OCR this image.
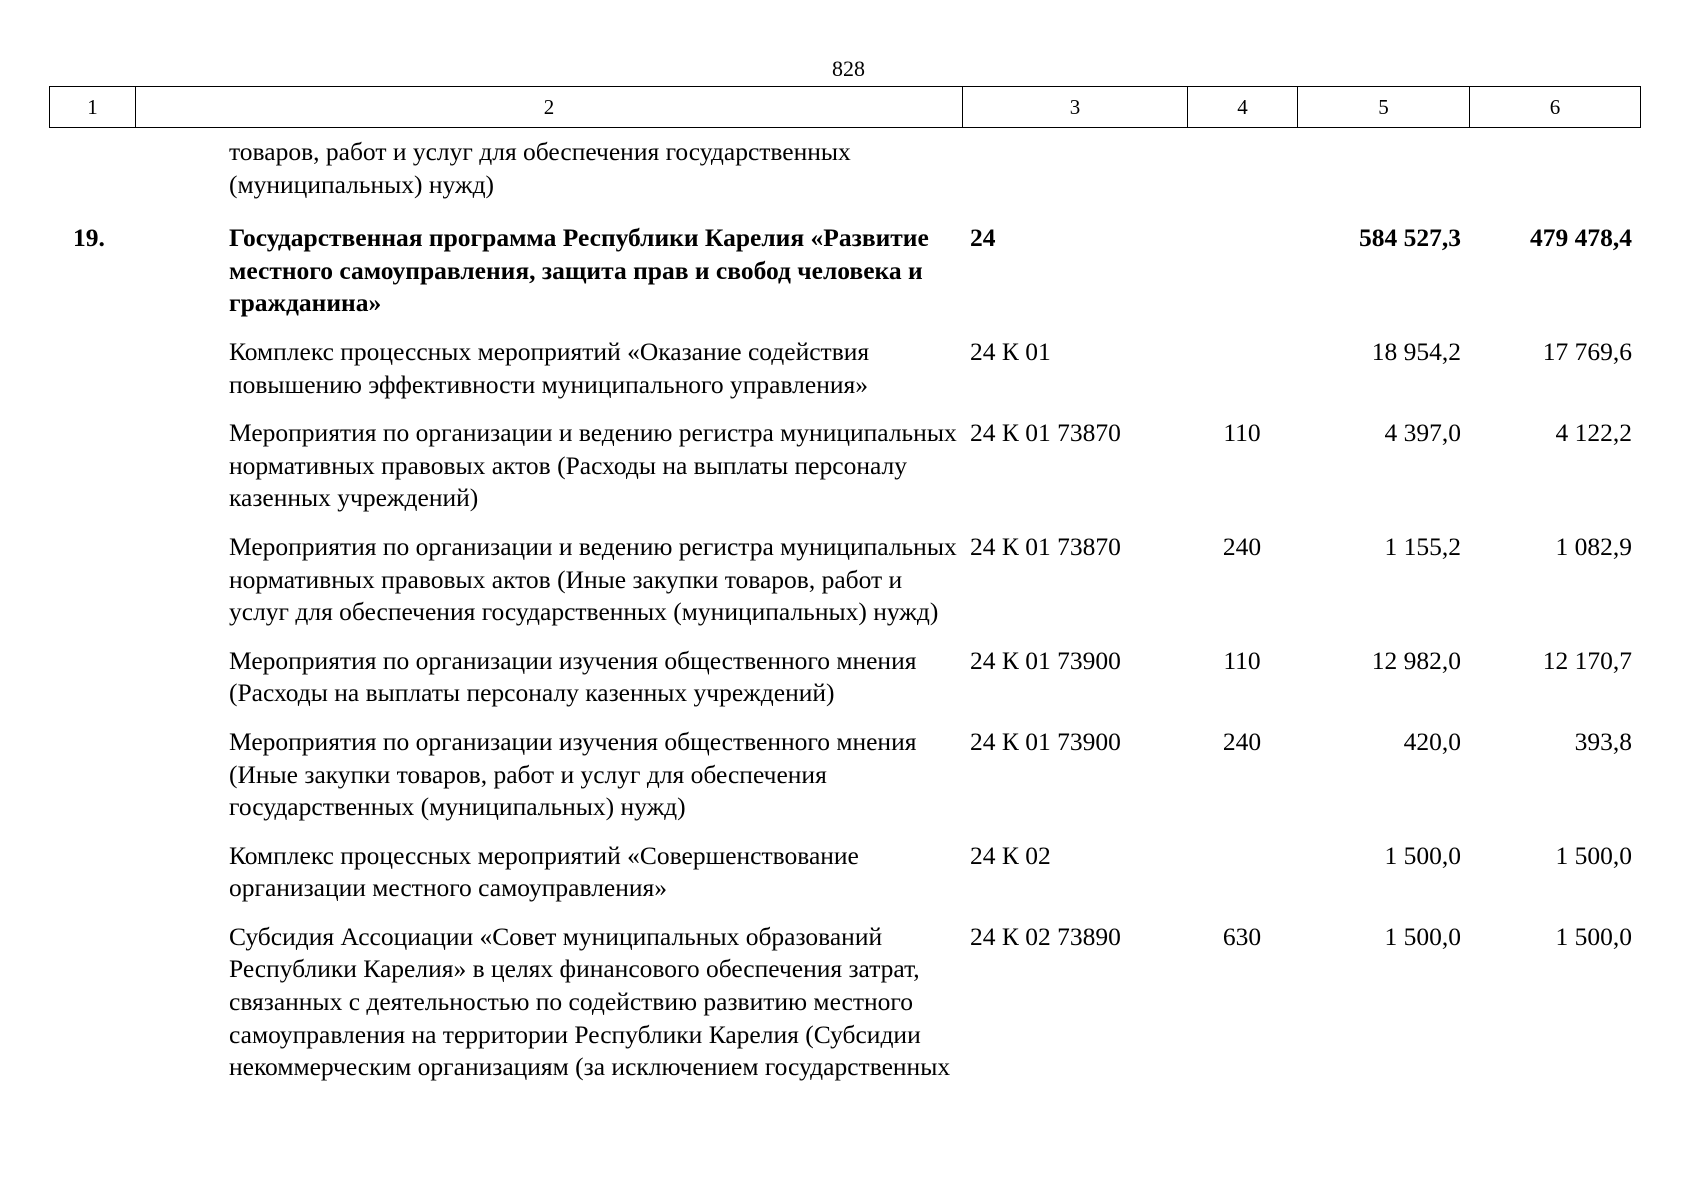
828
1	2	3	4	5	6
	товаров, работ и услуг для обеспечения государственных (муниципальных) нужд)				
19.	Государственная программа Республики Карелия «Развитие местного самоуправления, защита прав и свобод человека и гражданина»	24		584 527,3	479 478,4
	Комплекс процессных мероприятий «Оказание содействия повышению эффективности муниципального управления»	24 К 01		18 954,2	17 769,6
	Мероприятия по организации и ведению регистра муниципальных нормативных правовых актов (Расходы на выплаты персоналу казенных учреждений)	24 К 01 73870	110	4 397,0	4 122,2
	Мероприятия по организации и ведению регистра муниципальных нормативных правовых актов (Иные закупки товаров, работ и услуг для обеспечения государственных (муниципальных) нужд)	24 К 01 73870	240	1 155,2	1 082,9
	Мероприятия по организации изучения общественного мнения (Расходы на выплаты персоналу казенных учреждений)	24 К 01 73900	110	12 982,0	12 170,7
	Мероприятия по организации изучения общественного мнения (Иные закупки товаров, работ и услуг для обеспечения государственных (муниципальных) нужд)	24 К 01 73900	240	420,0	393,8
	Комплекс процессных мероприятий «Совершенствование организации местного самоуправления»	24 К 02		1 500,0	1 500,0
	Субсидия Ассоциации «Совет муниципальных образований Республики Карелия» в целях финансового обеспечения затрат, связанных с деятельностью по содействию развитию местного самоуправления на территории Республики Карелия (Субсидии некоммерческим организациям (за исключением государственных	24 К 02 73890	630	1 500,0	1 500,0
